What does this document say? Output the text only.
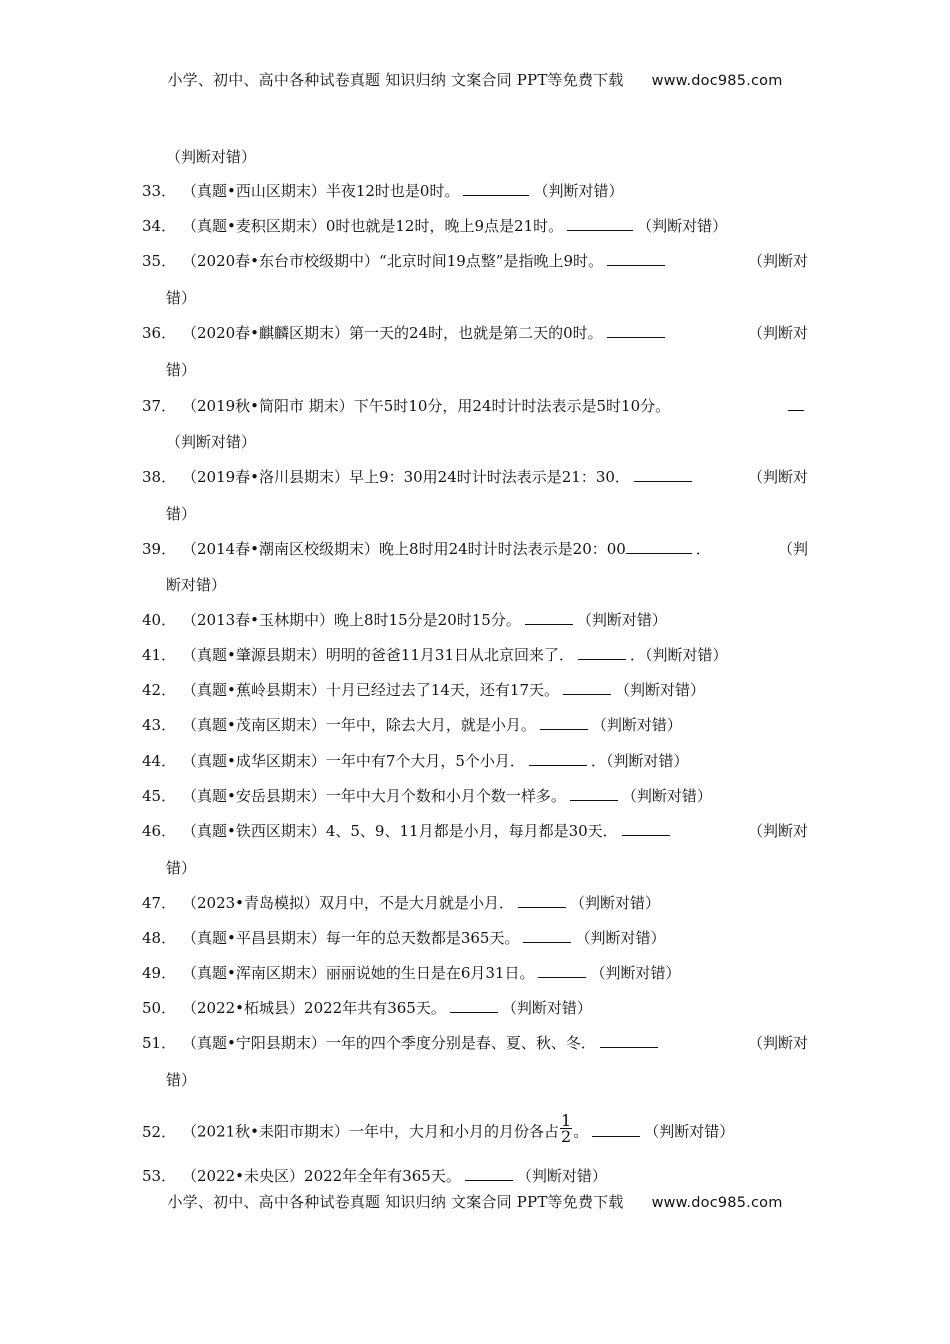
小学、初中、高中各种试卷真题 知识归纳 文案合同 PPT等免费下载 www.doc985.com
（判断对错）
33． （真题•西山区期末）半夜12时也是0时。	（判断对错）
34． （真题•麦积区期末）0时也就是12时，晚上9点是21时。	（判断对错）
35． （2020春•东台市校级期中）“北京时间19点整”是指晚上9时。	（判断对
错）
36． （2020春•麒麟区期末）第一天的24时，也就是第二天的0时。	（判断对
错）
37． （2019秋•简阳市 期末）下午5时10分，用24时计时法表示是5时10分。
（判断对错）
38． （2019春•洛川县期末）早上9：30用24时计时法表示是21：30．	（判断对
错）
39． （2014春•潮南区校级期末）晚上8时用24时计时法表示是20：00	．	（判
断对错）
40． （2013春•玉林期中）晚上8时15分是20时15分。	（判断对错）
41． （真题•肇源县期末）明明的爸爸11月31日从北京回来了．	．（判断对错）
42． （真题•蕉岭县期末）十月已经过去了14天，还有17天。	（判断对错）
43． （真题•茂南区期末）一年中，除去大月，就是小月。	（判断对错）
44． （真题•成华区期末）一年中有7个大月，5个小月．	．（判断对错）
45． （真题•安岳县期末）一年中大月个数和小月个数一样多。	（判断对错）
46． （真题•铁西区期末）4、5、9、11月都是小月，每月都是30天．	（判断对
错）
47． （2023•青岛模拟）双月中，不是大月就是小月．	（判断对错）
48． （真题•平昌县期末）每一年的总天数都是365天。	（判断对错）
49． （真题•浑南区期末）丽丽说她的生日是在6月31日。	（判断对错）
50． （2022•柘城县）2022年共有365天。	（判断对错）
51． （真题•宁阳县期末）一年的四个季度分别是春、夏、秋、冬．	（判断对
错）
52． （2021秋•耒阳市期末）一年中，大月和小月的月份各占 $\frac{1}{2}$ 。	（判断对错）
53． （2022•未央区）2022年全年有365天。	（判断对错）
小学、初中、高中各种试卷真题 知识归纳 文案合同 PPT等免费下载 www.doc985.com
